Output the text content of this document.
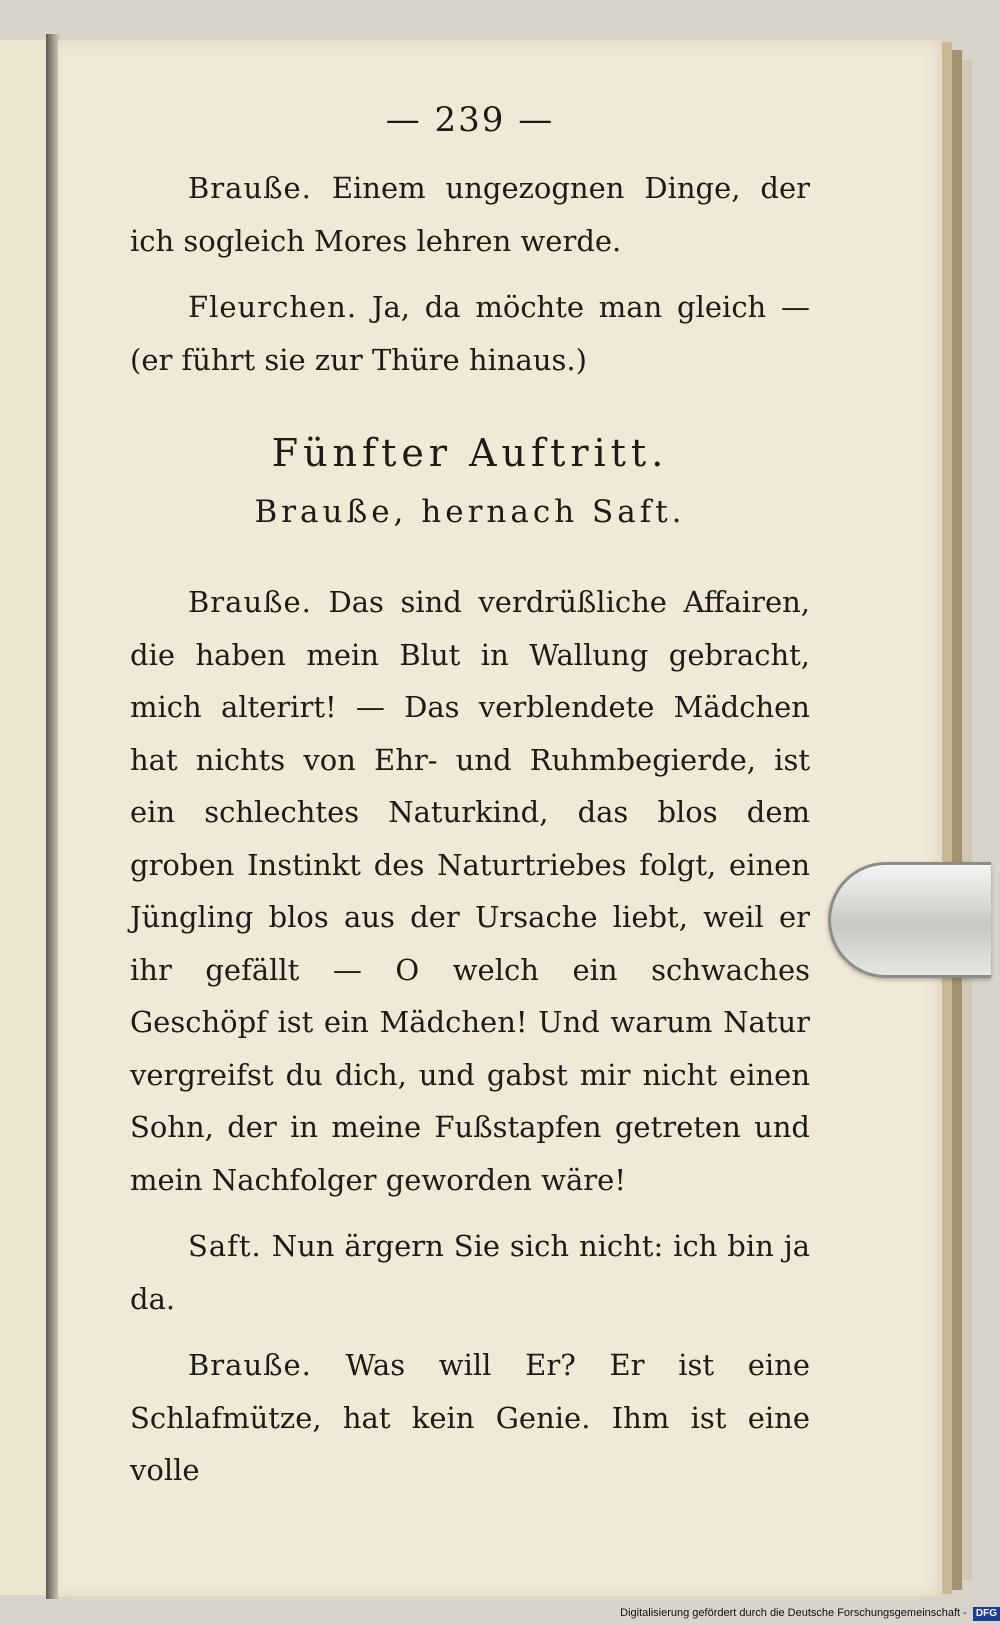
— 239 —

Brauße. Einem ungezognen Dinge, der ich sogleich Mores lehren werde.

Fleurchen. Ja, da möchte man gleich — (er führt sie zur Thüre hinaus.)

Fünfter Auftritt.
Brauße, hernach Saft.

Brauße. Das sind verdrüßliche Affairen, die haben mein Blut in Wallung gebracht, mich alterirt! — Das verblendete Mädchen hat nichts von Ehr- und Ruhmbegierde, ist ein schlechtes Naturkind, das blos dem groben Instinkt des Naturtriebes folgt, einen Jüngling blos aus der Ursache liebt, weil er ihr gefällt — O welch ein schwaches Geschöpf ist ein Mädchen! Und warum Natur vergreifst du dich, und gabst mir nicht einen Sohn, der in meine Fußstapfen getreten und mein Nachfolger geworden wäre!

Saft. Nun ärgern Sie sich nicht: ich bin ja da.

Brauße. Was will Er? Er ist eine Schlafmütze, hat kein Genie. Ihm ist eine volle

Digitalisierung gefördert durch die Deutsche Forschungsgemeinschaft - DFG
